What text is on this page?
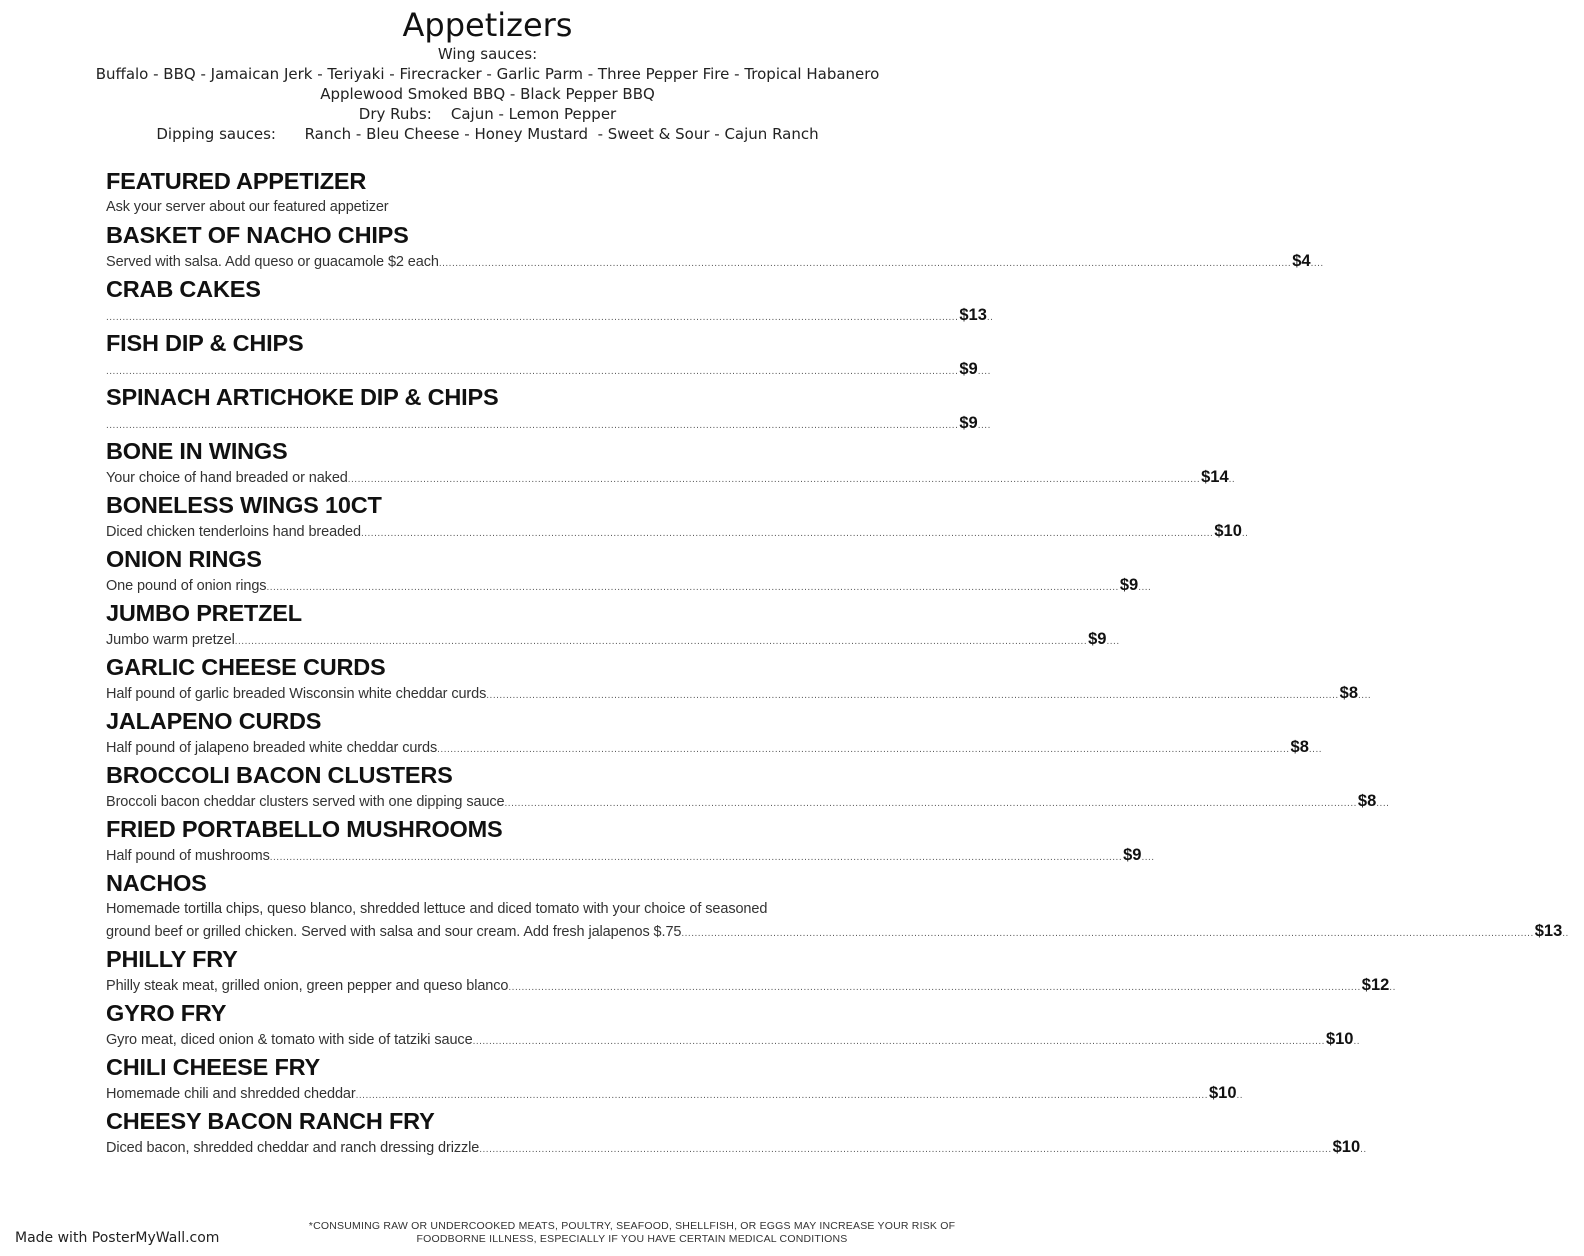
Appetizers
Wing sauces:
Buffalo - BBQ - Jamaican Jerk - Teriyaki - Firecracker - Garlic Parm - Three Pepper Fire - Tropical Habanero
Applewood Smoked BBQ - Black Pepper BBQ
Dry Rubs: Cajun - Lemon Pepper
Dipping sauces: Ranch - Bleu Cheese - Honey Mustard  - Sweet & Sour - Cajun Ranch
FEATURED APPETIZER
Ask your server about our featured appetizer
BASKET OF NACHO CHIPS
Served with salsa. Add queso or guacamole $2 each .................................................................................................................................................................................................................................................................... $4 ....
CRAB CAKES
.................................................................................................................................................................................................................................................................... $13 ..
FISH DIP & CHIPS
.................................................................................................................................................................................................................................................................... $9 ....
SPINACH ARTICHOKE DIP & CHIPS
.................................................................................................................................................................................................................................................................... $9 ....
BONE IN WINGS
Your choice of hand breaded or naked .................................................................................................................................................................................................................................................................... $14 ..
BONELESS WINGS 10CT
Diced chicken tenderloins hand breaded .................................................................................................................................................................................................................................................................... $10 ..
ONION RINGS
One pound of onion rings .................................................................................................................................................................................................................................................................... $9 ....
JUMBO PRETZEL
Jumbo warm pretzel .................................................................................................................................................................................................................................................................... $9 ....
GARLIC CHEESE CURDS
Half pound of garlic breaded Wisconsin white cheddar curds .................................................................................................................................................................................................................................................................... $8 ....
JALAPENO CURDS
Half pound of jalapeno breaded white cheddar curds .................................................................................................................................................................................................................................................................... $8 ....
BROCCOLI BACON CLUSTERS
Broccoli bacon cheddar clusters served with one dipping sauce .................................................................................................................................................................................................................................................................... $8 ....
FRIED PORTABELLO MUSHROOMS
Half pound of mushrooms .................................................................................................................................................................................................................................................................... $9 ....
NACHOS
Homemade tortilla chips, queso blanco, shredded lettuce and diced tomato with your choice of seasoned
ground beef or grilled chicken. Served with salsa and sour cream. Add fresh jalapenos $.75 .................................................................................................................................................................................................................................................................... $13 ..
PHILLY FRY
Philly steak meat, grilled onion, green pepper and queso blanco .................................................................................................................................................................................................................................................................... $12 ..
GYRO FRY
Gyro meat, diced onion & tomato with side of tatziki sauce .................................................................................................................................................................................................................................................................... $10 ..
CHILI CHEESE FRY
Homemade chili and shredded cheddar .................................................................................................................................................................................................................................................................... $10 ..
CHEESY BACON RANCH FRY
Diced bacon, shredded cheddar and ranch dressing drizzle .................................................................................................................................................................................................................................................................... $10 ..
Made with PosterMyWall.com
*CONSUMING RAW OR UNDERCOOKED MEATS, POULTRY, SEAFOOD, SHELLFISH, OR EGGS MAY INCREASE YOUR RISK OF
FOODBORNE ILLNESS, ESPECIALLY IF YOU HAVE CERTAIN MEDICAL CONDITIONS
